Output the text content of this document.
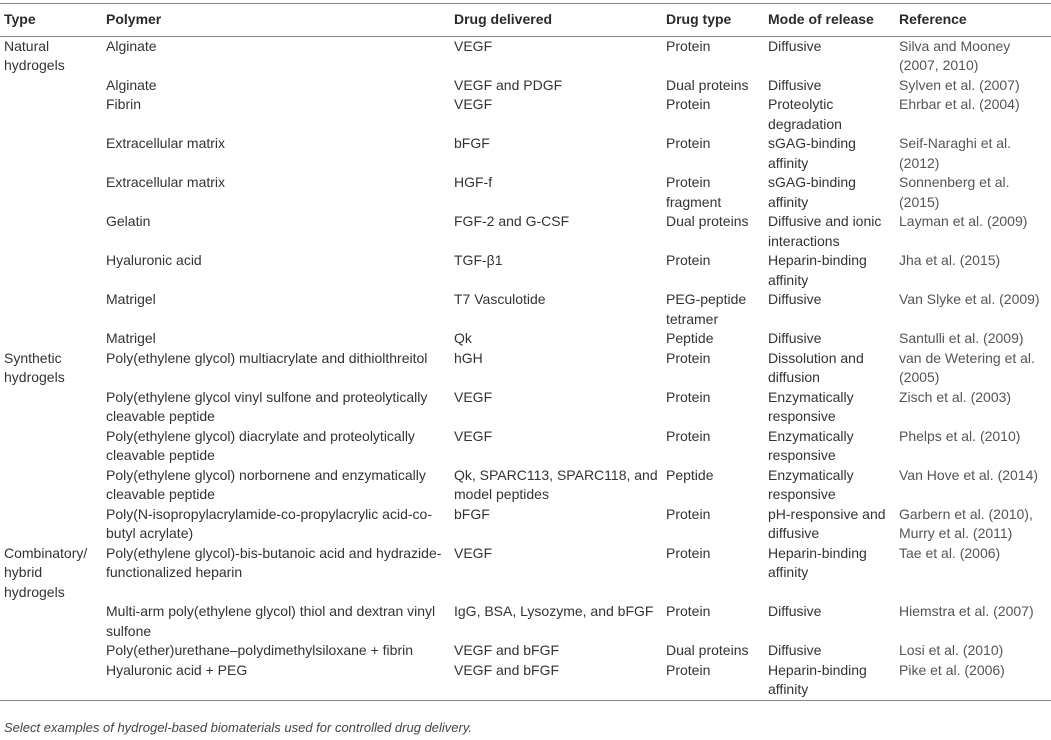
Type	Polymer	Drug delivered	Drug type	Mode of release	Reference
Natural hydrogels	Alginate	VEGF	Protein	Diffusive	Silva and Mooney (2007, 2010)
	Alginate	VEGF and PDGF	Dual proteins	Diffusive	Sylven et al. (2007)
	Fibrin	VEGF	Protein	Proteolytic degradation	Ehrbar et al. (2004)
	Extracellular matrix	bFGF	Protein	sGAG-binding affinity	Seif-Naraghi et al. (2012)
	Extracellular matrix	HGF-f	Protein fragment	sGAG-binding affinity	Sonnenberg et al. (2015)
	Gelatin	FGF-2 and G-CSF	Dual proteins	Diffusive and ionic interactions	Layman et al. (2009)
	Hyaluronic acid	TGF-β1	Protein	Heparin-binding affinity	Jha et al. (2015)
	Matrigel	T7 Vasculotide	PEG-peptide tetramer	Diffusive	Van Slyke et al. (2009)
	Matrigel	Qk	Peptide	Diffusive	Santulli et al. (2009)
Synthetic hydrogels	Poly(ethylene glycol) multiacrylate and dithiolthreitol	hGH	Protein	Dissolution and diffusion	van de Wetering et al. (2005)
	Poly(ethylene glycol vinyl sulfone and proteolytically cleavable peptide	VEGF	Protein	Enzymatically responsive	Zisch et al. (2003)
	Poly(ethylene glycol) diacrylate and proteolytically cleavable peptide	VEGF	Protein	Enzymatically responsive	Phelps et al. (2010)
	Poly(ethylene glycol) norbornene and enzymatically cleavable peptide	Qk, SPARC113, SPARC118, and model peptides	Peptide	Enzymatically responsive	Van Hove et al. (2014)
	Poly(N-isopropylacrylamide-co-propylacrylic acid-co-butyl acrylate)	bFGF	Protein	pH-responsive and diffusive	Garbern et al. (2010), Murry et al. (2011)
Combinatory/ hybrid hydrogels	Poly(ethylene glycol)-bis-butanoic acid and hydrazide-functionalized heparin	VEGF	Protein	Heparin-binding affinity	Tae et al. (2006)
	Multi-arm poly(ethylene glycol) thiol and dextran vinyl sulfone	IgG, BSA, Lysozyme, and bFGF	Protein	Diffusive	Hiemstra et al. (2007)
	Poly(ether)urethane–polydimethylsiloxane + fibrin	VEGF and bFGF	Dual proteins	Diffusive	Losi et al. (2010)
	Hyaluronic acid + PEG	VEGF and bFGF	Protein	Heparin-binding affinity	Pike et al. (2006)
Select examples of hydrogel-based biomaterials used for controlled drug delivery.
